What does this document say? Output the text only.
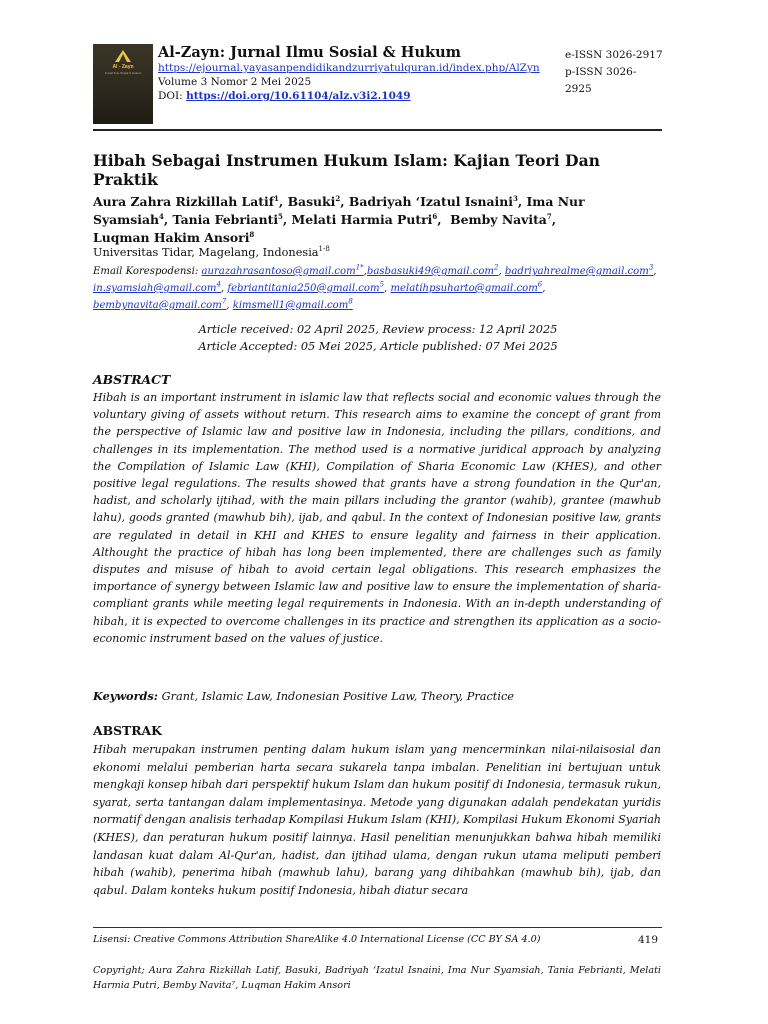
Al - Zayn
Jurnal Ilmu Sosial & Hukum
Al-Zayn: Jurnal Ilmu Sosial & Hukum
https://ejournal.yayasanpendidikandzurriyatulquran.id/index.php/AlZyn
Volume 3 Nomor 2 Mei 2025
DOI: https://doi.org/10.61104/alz.v3i2.1049
e-ISSN 3026-2917
p-ISSN 3026-2925
Hibah Sebagai Instrumen Hukum Islam: Kajian Teori Dan Praktik
Aura Zahra Rizkillah Latif$^1$, Basuki$^2$, Badriyah ‘Izatul Isnaini$^3$, Ima Nur Syamsiah$^4$, Tania Febrianti$^5$, Melati Harmia Putri$^6$,  Bemby Navita$^7$, Luqman Hakim Ansori$^8$
Universitas Tidar, Magelang, Indonesia$^{1-8}$
Email Korespodensi: aurazahrasantoso@gmail.com$^{1*}$,basbasuki49@gmail.com$^2$, badriyahrealme@gmail.com$^3$, in.syamsiah@gmail.com$^4$, febriantitania250@gmail.com$^5$, melatihpsuharto@gmail.com$^6$, bembynavita@gmail.com$^7$, kimsmell1@gmail.com$^8$
Article received: 02 April 2025, Review process: 12 April 2025
Article Accepted: 05 Mei 2025, Article published: 07 Mei 2025
ABSTRACT
Hibah is an important instrument in islamic law that reflects social and economic values through the voluntary giving of assets without return. This research aims to examine the concept of grant from the perspective of Islamic law and positive law in Indonesia, including the pillars, conditions, and challenges in its implementation. The method used is a normative juridical approach by analyzing the Compilation of Islamic Law (KHI), Compilation of Sharia Economic Law (KHES), and other positive legal regulations. The results showed that grants have a strong foundation in the Qur'an, hadist, and scholarly ijtihad, with the main pillars including the grantor (wahib), grantee (mawhub lahu), goods granted (mawhub bih), ijab, and qabul. In the context of Indonesian positive law, grants are regulated in detail in KHI and KHES to ensure legality and fairness in their application. Althought the practice of hibah has long been implemented, there are challenges such as family disputes and misuse of hibah to avoid certain legal obligations. This research emphasizes the importance of synergy between Islamic law and positive law to ensure the implementation of sharia-compliant grants while meeting legal requirements in Indonesia. With an in-depth understanding of hibah, it is expected to overcome challenges in its practice and strengthen its application as a socio-economic instrument based on the values of justice.
Keywords: Grant, Islamic Law, Indonesian Positive Law, Theory, Practice
ABSTRAK
Hibah merupakan instrumen penting dalam hukum islam yang mencerminkan nilai-nilaisosial dan ekonomi melalui pemberian harta secara sukarela tanpa imbalan. Penelitian ini bertujuan untuk mengkaji konsep hibah dari perspektif hukum Islam dan hukum positif di Indonesia, termasuk rukun, syarat, serta tantangan dalam implementasinya. Metode yang digunakan adalah pendekatan yuridis normatif dengan analisis terhadap Kompilasi Hukum Islam (KHI), Kompilasi Hukum Ekonomi Syariah (KHES), dan peraturan hukum positif lainnya. Hasil penelitian menunjukkan bahwa hibah memiliki landasan kuat dalam Al-Qur'an, hadist, dan ijtihad ulama, dengan rukun utama meliputi pemberi hibah (wahib), penerima hibah (mawhub lahu), barang yang dihibahkan (mawhub bih), ijab, dan qabul. Dalam konteks hukum positif Indonesia, hibah diatur secara
Lisensi: Creative Commons Attribution ShareAlike 4.0 International License (CC BY SA 4.0)	419
Copyright; Aura Zahra Rizkillah Latif, Basuki, Badriyah ‘Izatul Isnaini, Ima Nur Syamsiah, Tania Febrianti, Melati Harmia Putri, Bemby Navita⁷, Luqman Hakim Ansori
